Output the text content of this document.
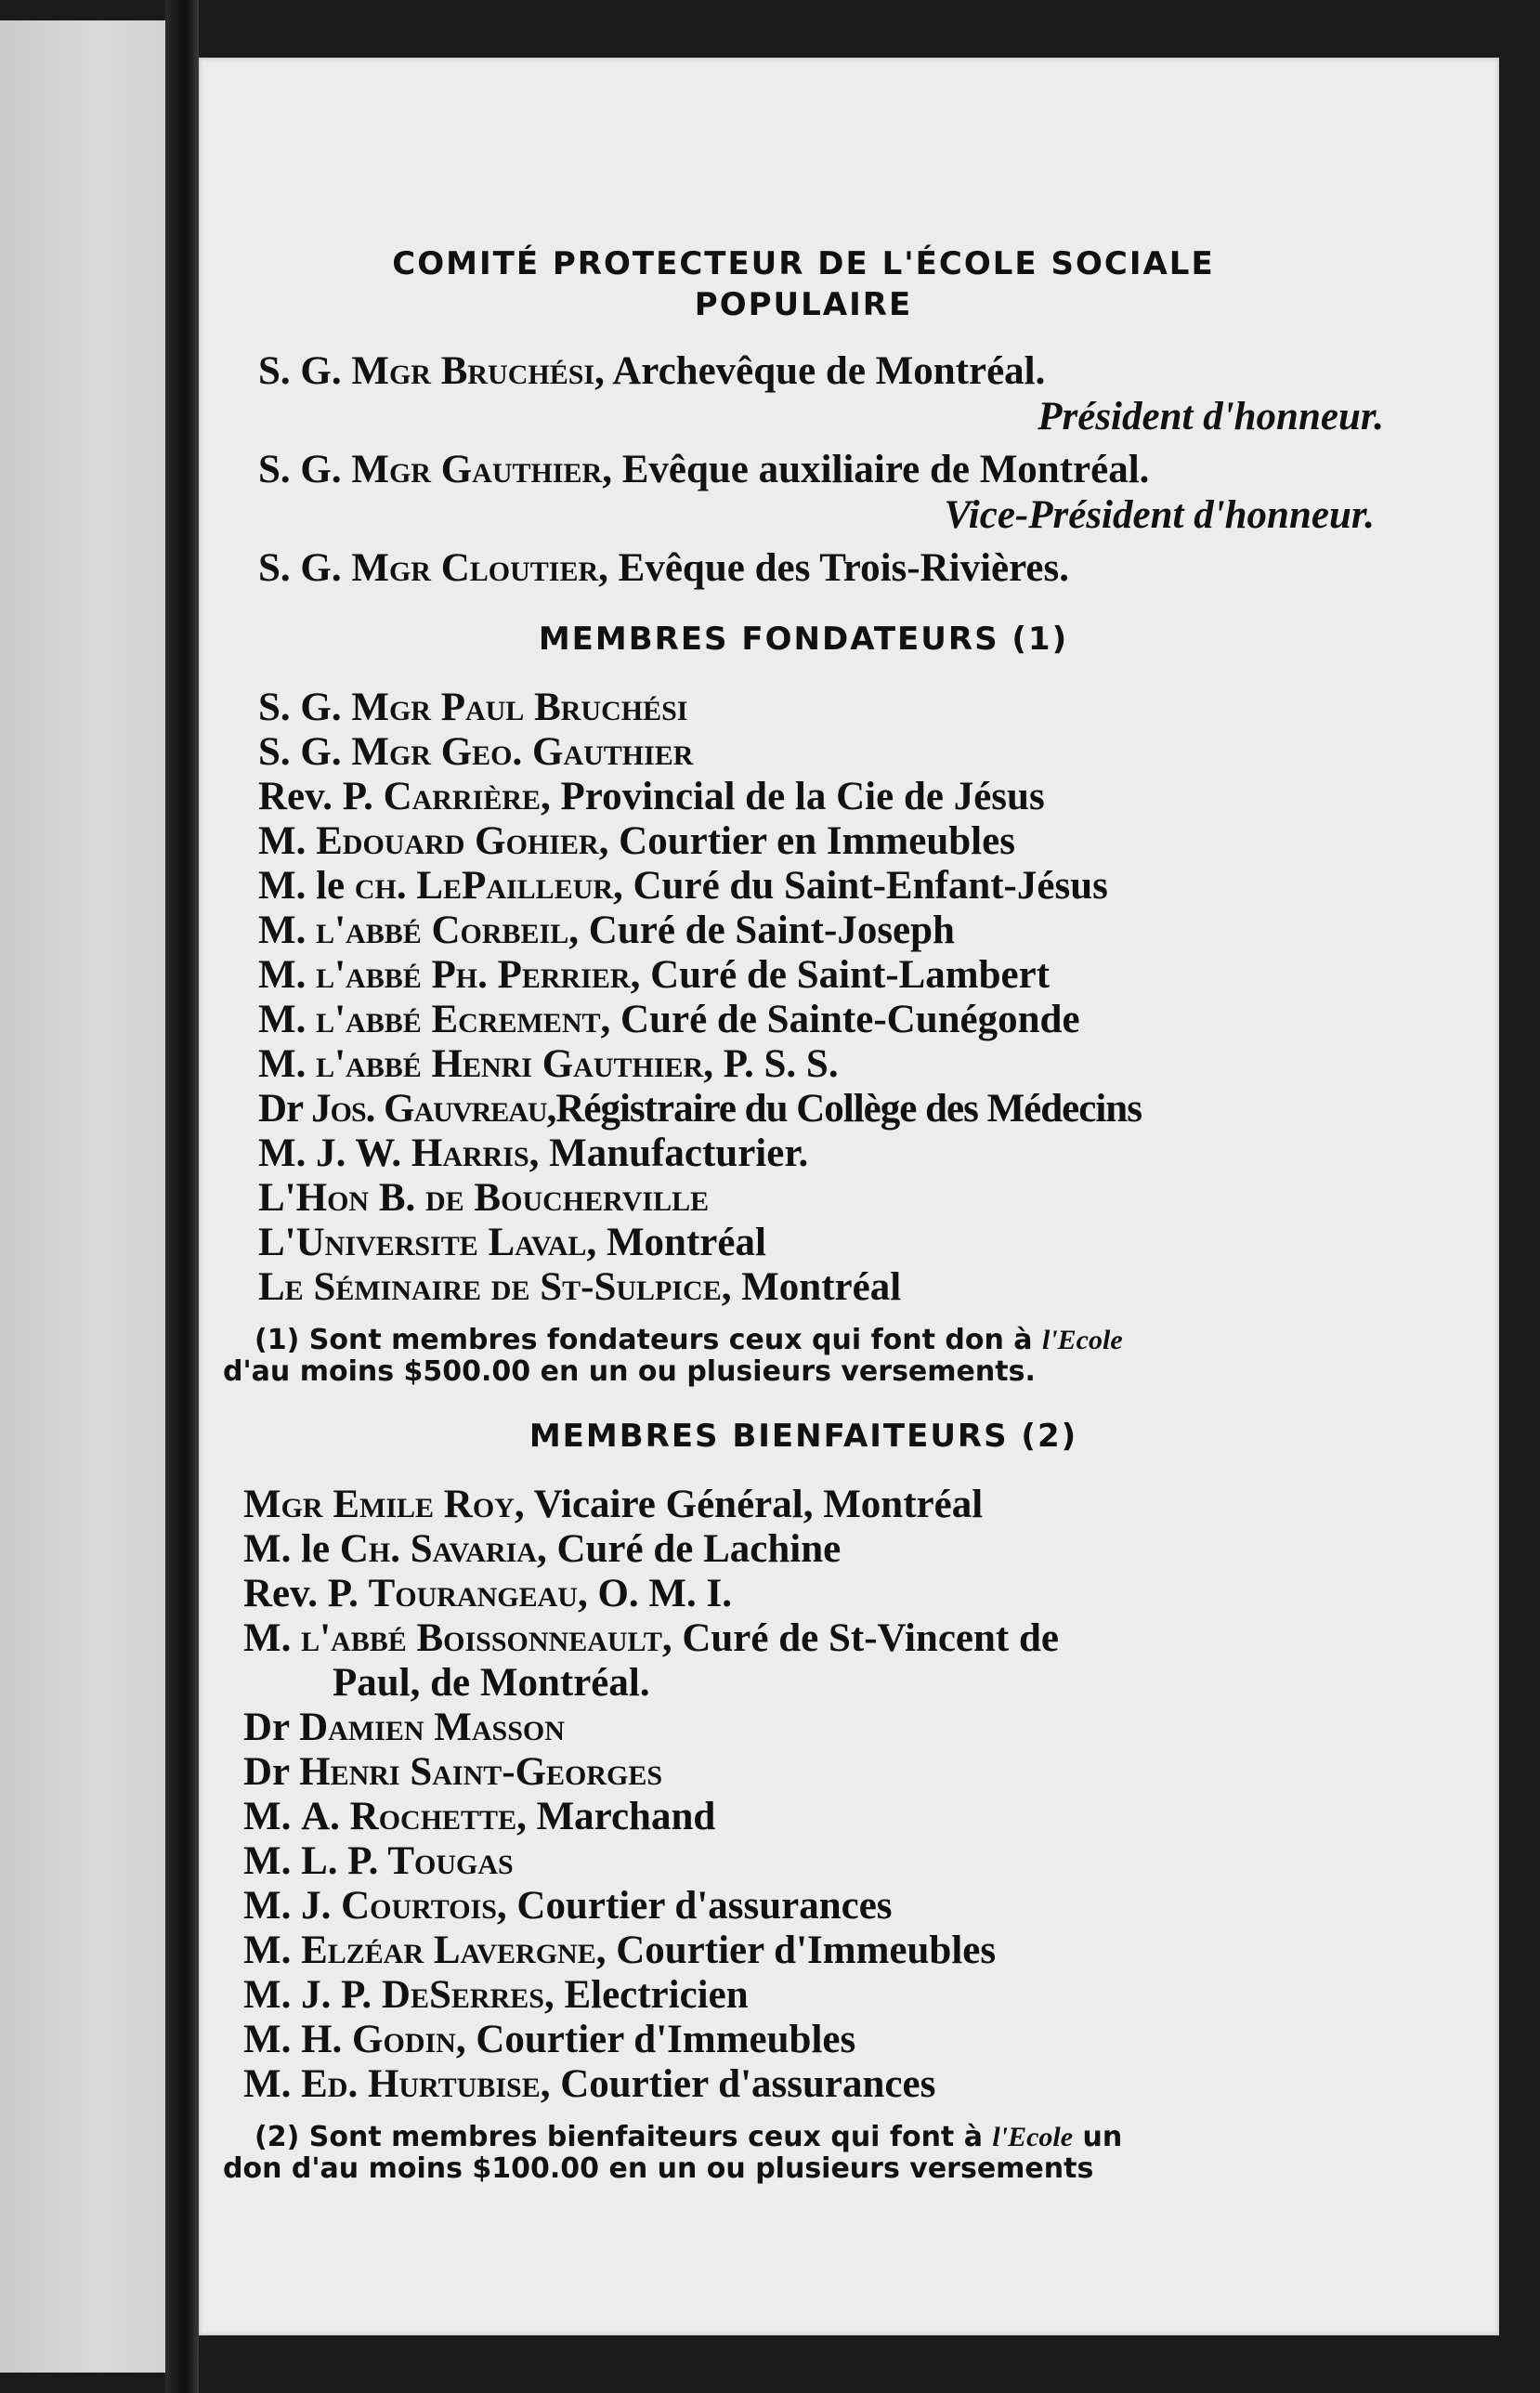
COMITÉ PROTECTEUR DE L'ÉCOLE SOCIALE

POPULAIRE

S. G. Mgr Bruchési, Archevêque de Montréal.

Président d'honneur.

S. G. Mgr Gauthier, Evêque auxiliaire de Montréal.

Vice-Président d'honneur.

S. G. Mgr Cloutier, Evêque des Trois-Rivières.

MEMBRES FONDATEURS (1)

S. G. Mgr Paul Bruchési

S. G. Mgr Geo. Gauthier

Rev. P. Carrière, Provincial de la Cie de Jésus

M. Edouard Gohier, Courtier en Immeubles

M. le ch. LePailleur, Curé du Saint-Enfant-Jésus

M. l'abbé Corbeil, Curé de Saint-Joseph

M. l'abbé Ph. Perrier, Curé de Saint-Lambert

M. l'abbé Ecrement, Curé de Sainte-Cunégonde

M. l'abbé Henri Gauthier, P. S. S.

Dr Jos. Gauvreau,Régistraire du Collège des Médecins

M. J. W. Harris, Manufacturier.

L'Hon B. de Boucherville

L'Universite Laval, Montréal

Le Séminaire de St-Sulpice, Montréal

(1) Sont membres fondateurs ceux qui font don à l'Ecole
d'au moins $500.00 en un ou plusieurs versements.

MEMBRES BIENFAITEURS (2)

Mgr Emile Roy, Vicaire Général, Montréal

M. le Ch. Savaria, Curé de Lachine

Rev. P. Tourangeau, O. M. I.

M. l'abbé Boissonneault, Curé de St-Vincent de

Paul, de Montréal.

Dr Damien Masson

Dr Henri Saint-Georges

M. A. Rochette, Marchand

M. L. P. Tougas

M. J. Courtois, Courtier d'assurances

M. Elzéar Lavergne, Courtier d'Immeubles

M. J. P. DeSerres, Electricien

M. H. Godin, Courtier d'Immeubles

M. Ed. Hurtubise, Courtier d'assurances

(2) Sont membres bienfaiteurs ceux qui font à l'Ecole un
don d'au moins $100.00 en un ou plusieurs versements
